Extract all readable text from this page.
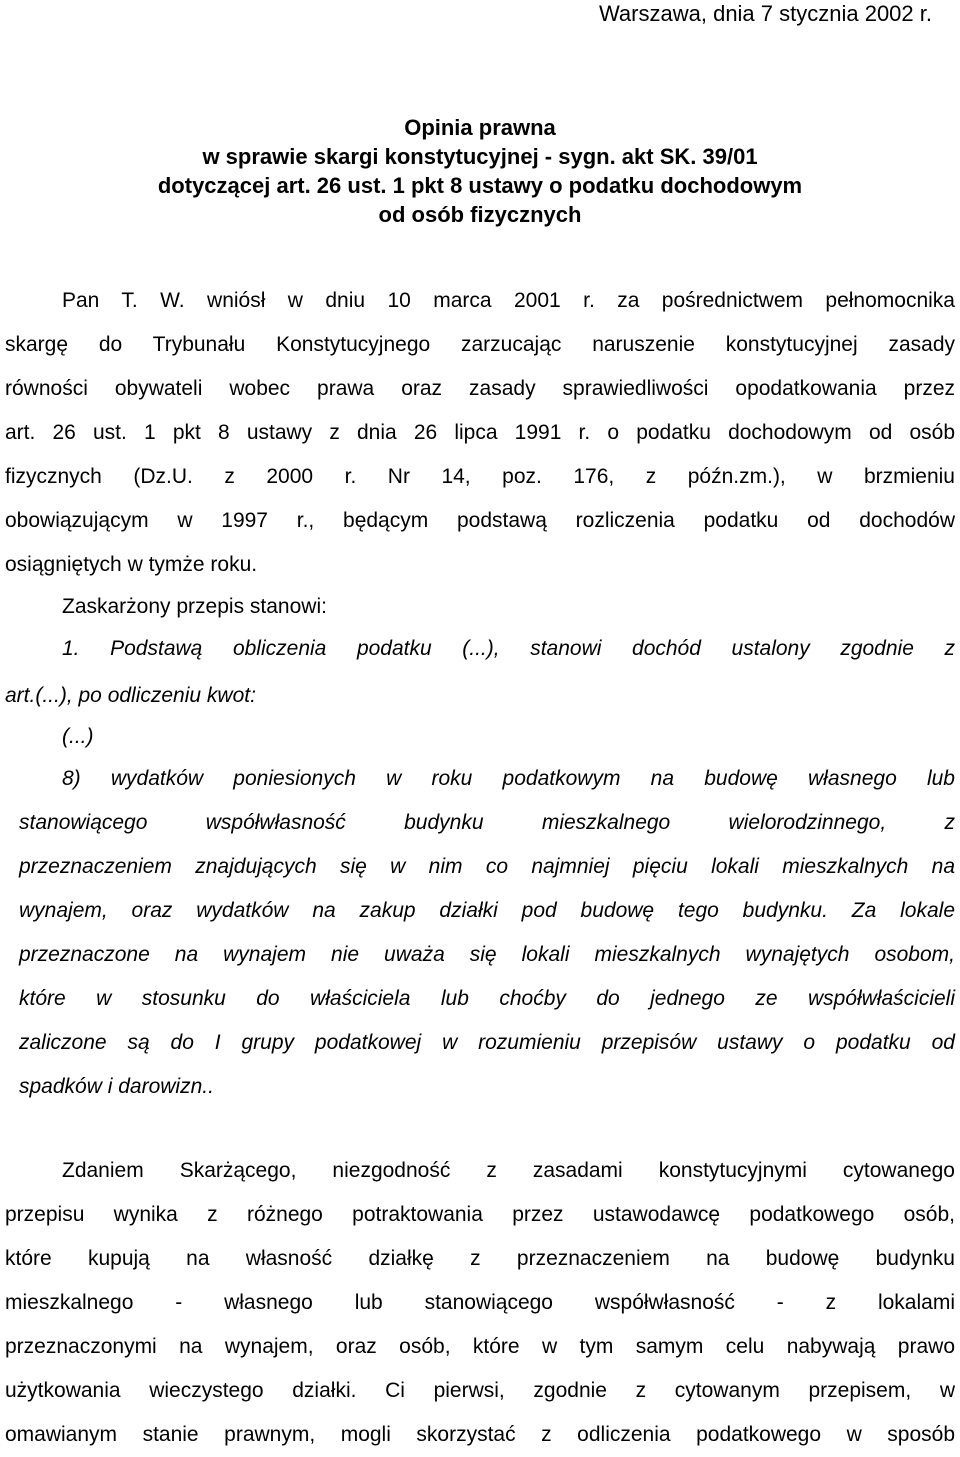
Warszawa, dnia 7 stycznia 2002 r.
Opinia prawna
w sprawie skargi konstytucyjnej - sygn. akt SK. 39/01
dotyczącej art. 26 ust. 1 pkt 8 ustawy o podatku dochodowym
od osób fizycznych
Pan T. W. wniósł w dniu 10 marca 2001 r. za pośrednictwem pełnomocnika
skargę do Trybunału Konstytucyjnego zarzucając naruszenie konstytucyjnej zasady
równości obywateli wobec prawa oraz zasady sprawiedliwości opodatkowania przez
art. 26 ust. 1 pkt 8 ustawy z dnia 26 lipca 1991 r. o podatku dochodowym od osób
fizycznych (Dz.U. z 2000 r. Nr 14, poz. 176, z późn.zm.), w brzmieniu
obowiązującym w 1997 r., będącym podstawą rozliczenia podatku od dochodów
osiągniętych w tymże roku.
Zaskarżony przepis stanowi:
1. Podstawą obliczenia podatku (...), stanowi dochód ustalony zgodnie z
art.(...), po odliczeniu kwot:
(...)
8) wydatków poniesionych w roku podatkowym na budowę własnego lub
stanowiącego współwłasność budynku mieszkalnego wielorodzinnego, z
przeznaczeniem znajdujących się w nim co najmniej pięciu lokali mieszkalnych na
wynajem, oraz wydatków na zakup działki pod budowę tego budynku. Za lokale
przeznaczone na wynajem nie uważa się lokali mieszkalnych wynajętych osobom,
które w stosunku do właściciela lub choćby do jednego ze współwłaścicieli
zaliczone są do I grupy podatkowej w rozumieniu przepisów ustawy o podatku od
spadków i darowizn..
Zdaniem Skarżącego, niezgodność z zasadami konstytucyjnymi cytowanego
przepisu wynika z różnego potraktowania przez ustawodawcę podatkowego osób,
które kupują na własność działkę z przeznaczeniem na budowę budynku
mieszkalnego - własnego lub stanowiącego współwłasność - z lokalami
przeznaczonymi na wynajem, oraz osób, które w tym samym celu nabywają prawo
użytkowania wieczystego działki. Ci pierwsi, zgodnie z cytowanym przepisem, w
omawianym stanie prawnym, mogli skorzystać z odliczenia podatkowego w sposób
